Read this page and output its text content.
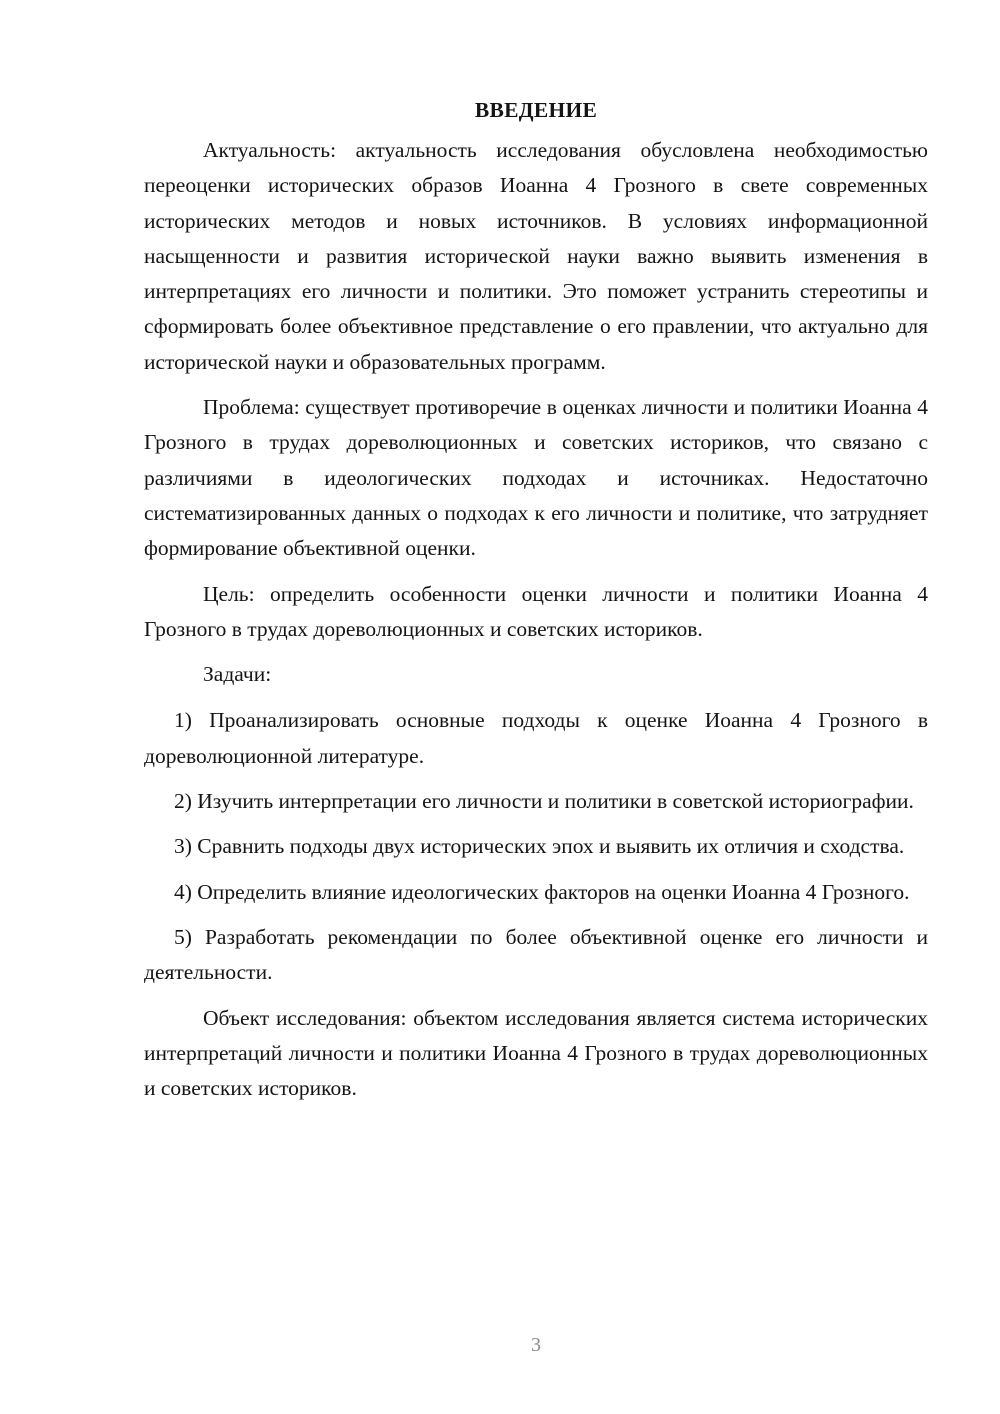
ВВЕДЕНИЕ

Актуальность: актуальность исследования обусловлена необходимостью переоценки исторических образов Иоанна 4 Грозного в свете современных исторических методов и новых источников. В условиях информационной насыщенности и развития исторической науки важно выявить изменения в интерпретациях его личности и политики. Это поможет устранить стереотипы и сформировать более объективное представление о его правлении, что актуально для исторической науки и образовательных программ.

Проблема: существует противоречие в оценках личности и политики Иоанна 4 Грозного в трудах дореволюционных и советских историков, что связано с различиями в идеологических подходах и источниках. Недостаточно систематизированных данных о подходах к его личности и политике, что затрудняет формирование объективной оценки.

Цель: определить особенности оценки личности и политики Иоанна 4 Грозного в трудах дореволюционных и советских историков.

Задачи:

1) Проанализировать основные подходы к оценке Иоанна 4 Грозного в дореволюционной литературе.

2) Изучить интерпретации его личности и политики в советской историографии.

3) Сравнить подходы двух исторических эпох и выявить их отличия и сходства.

4) Определить влияние идеологических факторов на оценки Иоанна 4 Грозного.

5) Разработать рекомендации по более объективной оценке его личности и деятельности.

Объект исследования: объектом исследования является система исторических интерпретаций личности и политики Иоанна 4 Грозного в трудах дореволюционных и советских историков.

3
